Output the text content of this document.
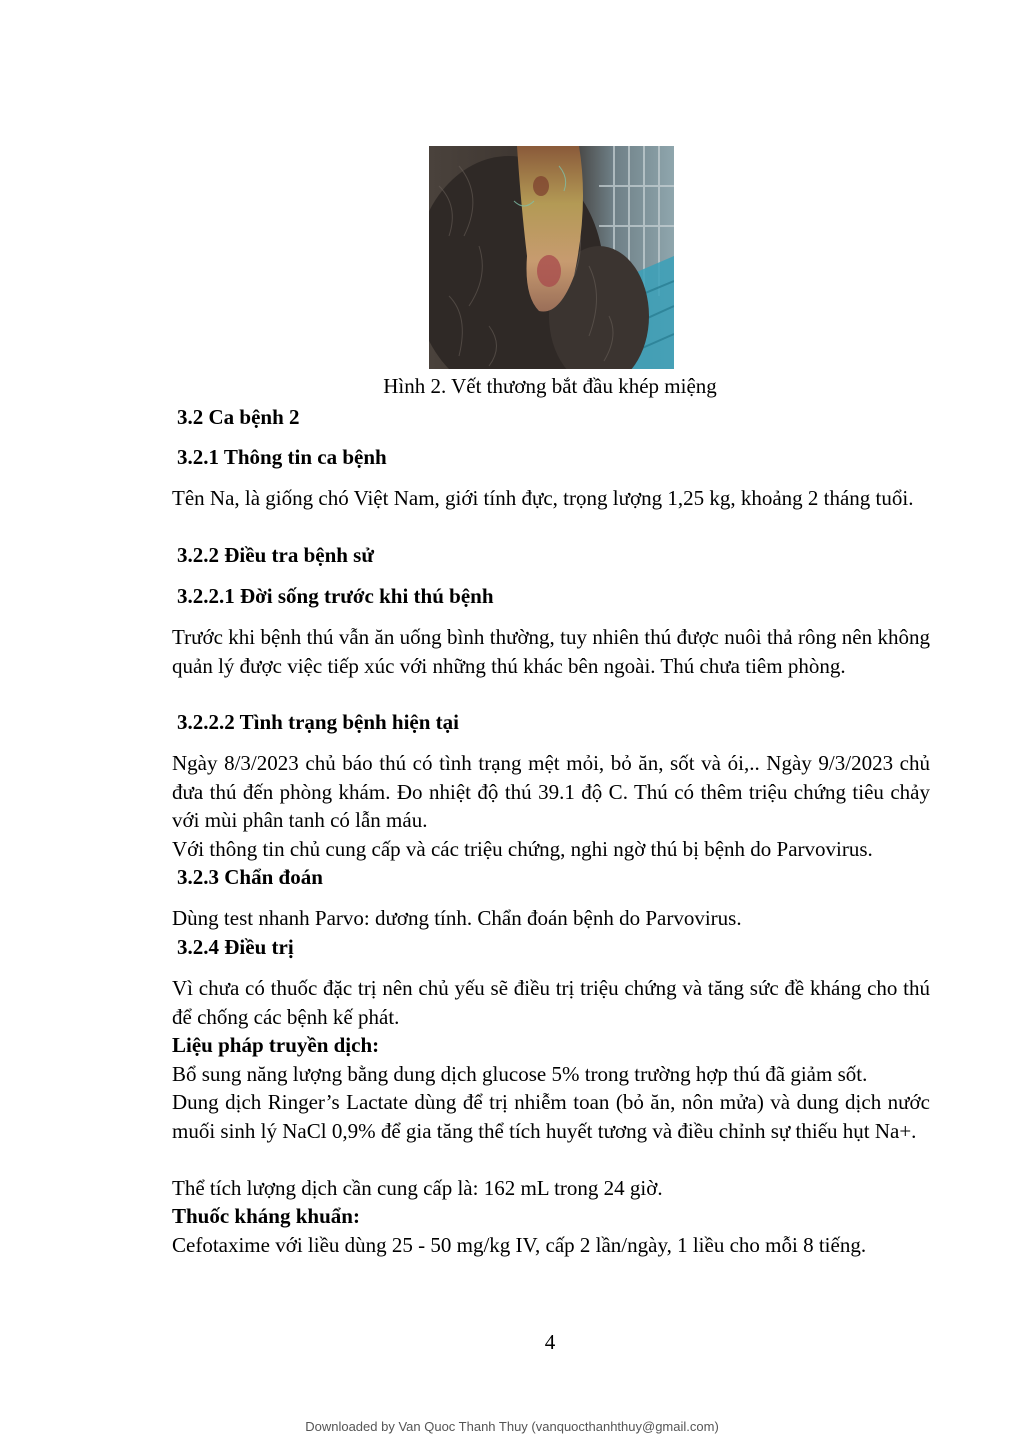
Hình 2. Vết thương bắt đầu khép miệng
3.2 Ca bệnh 2
3.2.1 Thông tin ca bệnh
Tên Na, là giống chó Việt Nam, giới tính đực, trọng lượng 1,25 kg, khoảng 2 tháng tuổi.
3.2.2 Điều tra bệnh sử
3.2.2.1 Đời sống trước khi thú bệnh
Trước khi bệnh thú vẫn ăn uống bình thường, tuy nhiên thú được nuôi thả rông nên không quản lý được việc tiếp xúc với những thú khác bên ngoài. Thú chưa tiêm phòng.
3.2.2.2 Tình trạng bệnh hiện tại
Ngày 8/3/2023 chủ báo thú có tình trạng mệt mỏi, bỏ ăn, sốt và ói,.. Ngày 9/3/2023 chủ đưa thú đến phòng khám. Đo nhiệt độ thú 39.1 độ C. Thú có thêm triệu chứng tiêu chảy với mùi phân tanh có lẫn máu.
Với thông tin chủ cung cấp và các triệu chứng, nghi ngờ thú bị bệnh do Parvovirus.
3.2.3 Chẩn đoán
Dùng test nhanh Parvo: dương tính. Chẩn đoán bệnh do Parvovirus.
3.2.4 Điều trị
Vì chưa có thuốc đặc trị nên chủ yếu sẽ điều trị triệu chứng và tăng sức đề kháng cho thú để chống các bệnh kế phát.
Liệu pháp truyền dịch:
Bổ sung năng lượng bằng dung dịch glucose 5% trong trường hợp thú đã giảm sốt.
Dung dịch Ringer’s Lactate dùng để trị nhiễm toan (bỏ ăn, nôn mửa) và dung dịch nước muối sinh lý NaCl 0,9% để gia tăng thể tích huyết tương và điều chỉnh sự thiếu hụt Na+.
Thể tích lượng dịch cần cung cấp là: 162 mL trong 24 giờ.
Thuốc kháng khuẩn:
Cefotaxime với liều dùng 25 - 50 mg/kg IV, cấp 2 lần/ngày, 1 liều cho mỗi 8 tiếng.
4
Downloaded by Van Quoc Thanh Thuy (vanquocthanhthuy@gmail.com)
